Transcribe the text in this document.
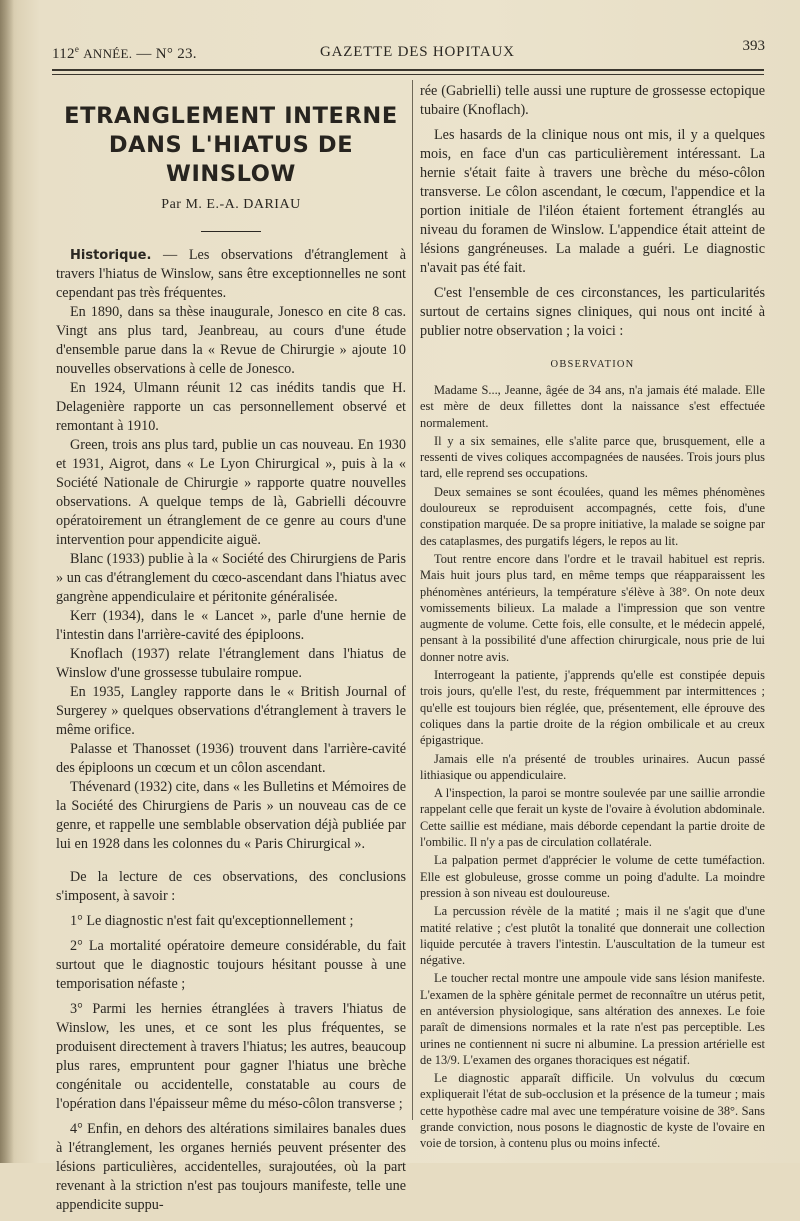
112e ANNÉE. — N° 23.	GAZETTE DES HOPITAUX	393
ETRANGLEMENT INTERNE
DANS L'HIATUS DE WINSLOW
Par M. E.-A. DARIAU

Historique. — Les observations d'étranglement à travers l'hiatus de Winslow, sans être exceptionnelles ne sont cependant pas très fréquentes.

En 1890, dans sa thèse inaugurale, Jonesco en cite 8 cas. Vingt ans plus tard, Jeanbreau, au cours d'une étude d'ensemble parue dans la « Revue de Chirurgie » ajoute 10 nouvelles observations à celle de Jonesco.

En 1924, Ulmann réunit 12 cas inédits tandis que H. Delagenière rapporte un cas personnellement observé et remontant à 1910.

Green, trois ans plus tard, publie un cas nouveau. En 1930 et 1931, Aigrot, dans « Le Lyon Chirurgical », puis à la « Société Nationale de Chirurgie » rapporte quatre nouvelles observations. A quelque temps de là, Gabrielli découvre opératoirement un étranglement de ce genre au cours d'une intervention pour appendicite aiguë.

Blanc (1933) publie à la « Société des Chirurgiens de Paris » un cas d'étranglement du cœco-ascendant dans l'hiatus avec gangrène appendiculaire et péritonite généralisée.

Kerr (1934), dans le « Lancet », parle d'une hernie de l'intestin dans l'arrière-cavité des épiploons.

Knoflach (1937) relate l'étranglement dans l'hiatus de Winslow d'une grossesse tubulaire rompue.

En 1935, Langley rapporte dans le « British Journal of Surgerey » quelques observations d'étranglement à travers le même orifice.

Palasse et Thanosset (1936) trouvent dans l'arrière-cavité des épiploons un cœcum et un côlon ascendant.

Thévenard (1932) cite, dans « les Bulletins et Mémoires de la Société des Chirurgiens de Paris » un nouveau cas de ce genre, et rappelle une semblable observation déjà publiée par lui en 1928 dans les colonnes du « Paris Chirurgical ».

De la lecture de ces observations, des conclusions s'imposent, à savoir :

1° Le diagnostic n'est fait qu'exceptionnellement ;

2° La mortalité opératoire demeure considérable, du fait surtout que le diagnostic toujours hésitant pousse à une temporisation néfaste ;

3° Parmi les hernies étranglées à travers l'hiatus de Winslow, les unes, et ce sont les plus fréquentes, se produisent directement à travers l'hiatus; les autres, beaucoup plus rares, empruntent pour gagner l'hiatus une brèche congénitale ou accidentelle, constatable au cours de l'opération dans l'épaisseur même du méso-côlon transverse ;

4° Enfin, en dehors des altérations similaires banales dues à l'étranglement, les organes herniés peuvent présenter des lésions particulières, accidentelles, surajoutées, où la part revenant à la striction n'est pas toujours manifeste, telle une appendicite suppu-

rée (Gabrielli) telle aussi une rupture de grossesse ectopique tubaire (Knoflach).

Les hasards de la clinique nous ont mis, il y a quelques mois, en face d'un cas particulièrement intéressant. La hernie s'était faite à travers une brèche du méso-côlon transverse. Le côlon ascendant, le cœcum, l'appendice et la portion initiale de l'iléon étaient fortement étranglés au niveau du foramen de Winslow. L'appendice était atteint de lésions gangréneuses. La malade a guéri. Le diagnostic n'avait pas été fait.

C'est l'ensemble de ces circonstances, les particularités surtout de certains signes cliniques, qui nous ont incité à publier notre observation ; la voici :

OBSERVATION

Madame S..., Jeanne, âgée de 34 ans, n'a jamais été malade. Elle est mère de deux fillettes dont la naissance s'est effectuée normalement.

Il y a six semaines, elle s'alite parce que, brusquement, elle a ressenti de vives coliques accompagnées de nausées. Trois jours plus tard, elle reprend ses occupations.

Deux semaines se sont écoulées, quand les mêmes phénomènes douloureux se reproduisent accompagnés, cette fois, d'une constipation marquée. De sa propre initiative, la malade se soigne par des cataplasmes, des purgatifs légers, le repos au lit.

Tout rentre encore dans l'ordre et le travail habituel est repris. Mais huit jours plus tard, en même temps que réapparaissent les phénomènes antérieurs, la température s'élève à 38°. On note deux vomissements bilieux. La malade a l'impression que son ventre augmente de volume. Cette fois, elle consulte, et le médecin appelé, pensant à la possibilité d'une affection chirurgicale, nous prie de lui donner notre avis.

Interrogeant la patiente, j'apprends qu'elle est constipée depuis trois jours, qu'elle l'est, du reste, fréquemment par intermittences ; qu'elle est toujours bien réglée, que, présentement, elle éprouve des coliques dans la partie droite de la région ombilicale et au creux épigastrique.

Jamais elle n'a présenté de troubles urinaires. Aucun passé lithiasique ou appendiculaire.

A l'inspection, la paroi se montre soulevée par une saillie arrondie rappelant celle que ferait un kyste de l'ovaire à évolution abdominale. Cette saillie est médiane, mais déborde cependant la partie droite de l'ombilic. Il n'y a pas de circulation collatérale.

La palpation permet d'apprécier le volume de cette tuméfaction. Elle est globuleuse, grosse comme un poing d'adulte. La moindre pression à son niveau est douloureuse.

La percussion révèle de la matité ; mais il ne s'agit que d'une matité relative ; c'est plutôt la tonalité que donnerait une collection liquide percutée à travers l'intestin. L'auscultation de la tumeur est négative.

Le toucher rectal montre une ampoule vide sans lésion manifeste. L'examen de la sphère génitale permet de reconnaître un utérus petit, en antéversion physiologique, sans altération des annexes. Le foie paraît de dimensions normales et la rate n'est pas perceptible. Les urines ne contiennent ni sucre ni albumine. La pression artérielle est de 13/9. L'examen des organes thoraciques est négatif.

Le diagnostic apparaît difficile. Un volvulus du cœcum expliquerait l'état de sub-occlusion et la présence de la tumeur ; mais cette hypothèse cadre mal avec une température voisine de 38°. Sans grande conviction, nous posons le diagnostic de kyste de l'ovaire en voie de torsion, à contenu plus ou moins infecté.
